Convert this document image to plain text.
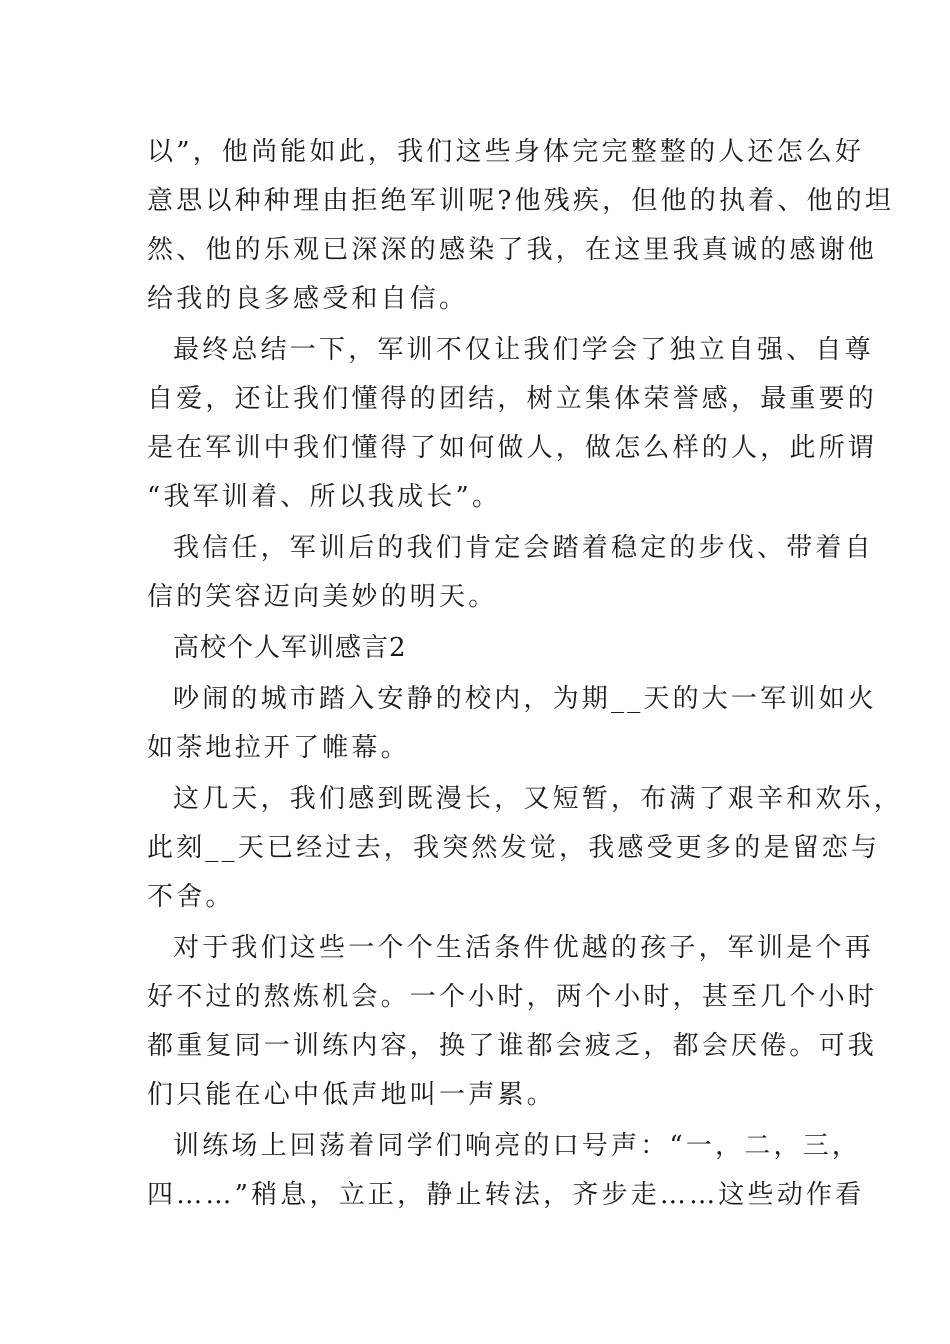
以”，他尚能如此，我们这些身体完完整整的人还怎么好

意思以种种理由拒绝军训呢?他残疾，但他的执着、他的坦

然、他的乐观已深深的感染了我，在这里我真诚的感谢他

给我的良多感受和自信。

最终总结一下，军训不仅让我们学会了独立自强、自尊

自爱，还让我们懂得的团结，树立集体荣誉感，最重要的

是在军训中我们懂得了如何做人，做怎么样的人，此所谓

“我军训着、所以我成长”。

我信任，军训后的我们肯定会踏着稳定的步伐、带着自

信的笑容迈向美妙的明天。

高校个人军训感言2

吵闹的城市踏入安静的校内，为期__天的大一军训如火

如荼地拉开了帷幕。

这几天，我们感到既漫长，又短暂，布满了艰辛和欢乐，

此刻__天已经过去，我突然发觉，我感受更多的是留恋与

不舍。

对于我们这些一个个生活条件优越的孩子，军训是个再

好不过的熬炼机会。一个小时，两个小时，甚至几个小时

都重复同一训练内容，换了谁都会疲乏，都会厌倦。可我

们只能在心中低声地叫一声累。

训练场上回荡着同学们响亮的口号声：“一，二，三，

四……”稍息，立正，静止转法，齐步走……这些动作看
